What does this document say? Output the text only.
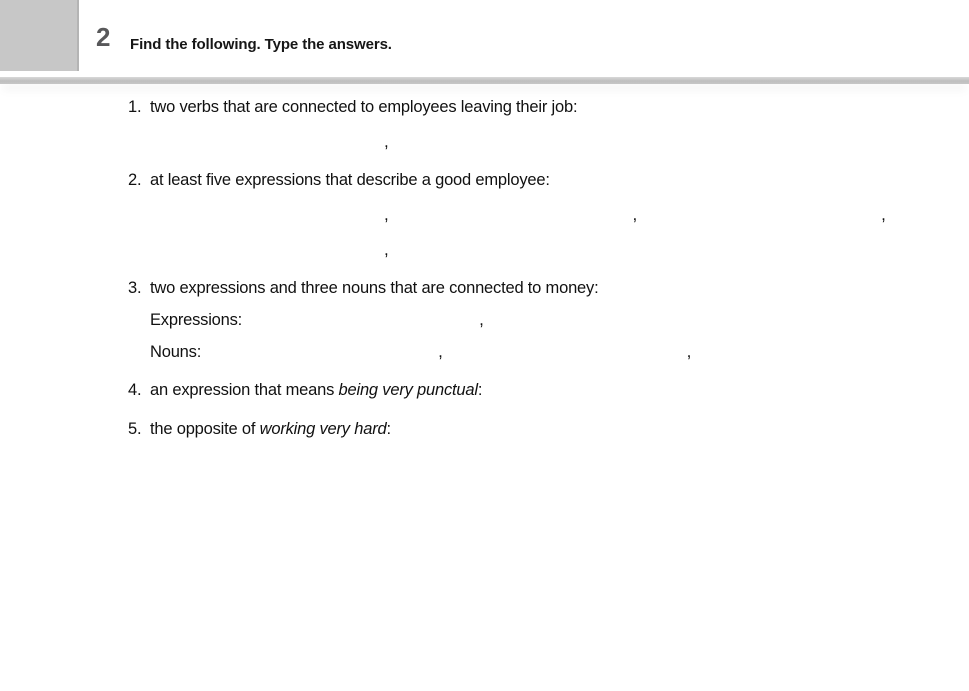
2 Find the following. Type the answers.
1. two verbs that are connected to employees leaving their job:
,
2. at least five expressions that describe a good employee:
,	,	,
,
3. two expressions and three nouns that are connected to money:
Expressions:	,
Nouns:	,	,
4. an expression that means being very punctual:
5. the opposite of working very hard:
